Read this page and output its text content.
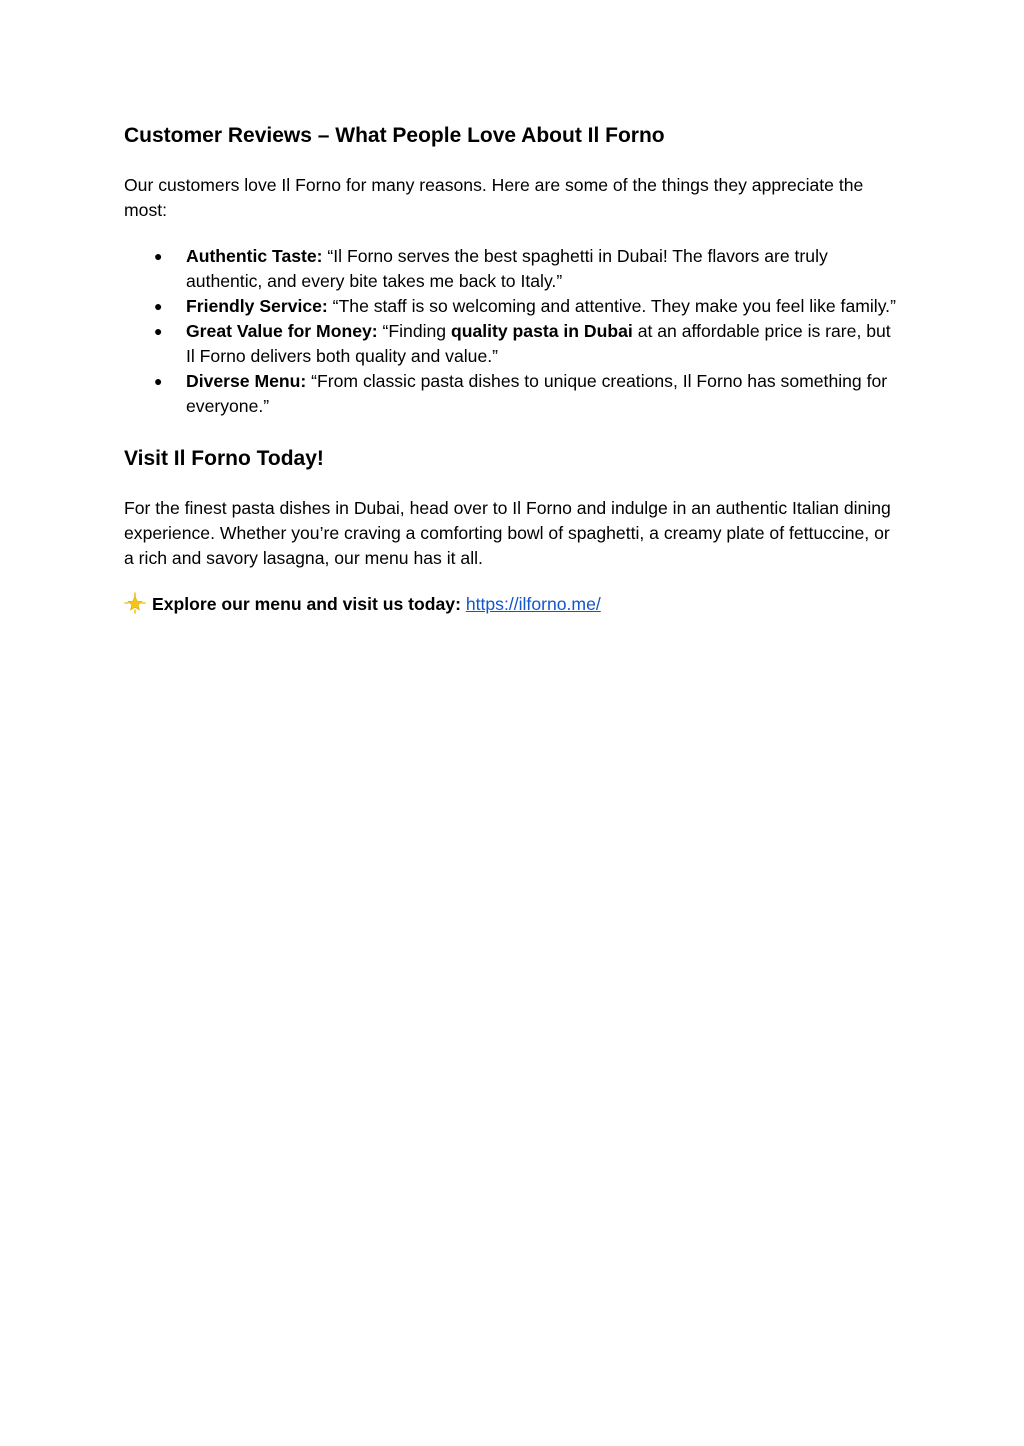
Customer Reviews – What People Love About Il Forno

Our customers love Il Forno for many reasons. Here are some of the things they appreciate the most:

● Authentic Taste: “Il Forno serves the best spaghetti in Dubai! The flavors are truly authentic, and every bite takes me back to Italy.”
● Friendly Service: “The staff is so welcoming and attentive. They make you feel like family.”
● Great Value for Money: “Finding quality pasta in Dubai at an affordable price is rare, but Il Forno delivers both quality and value.”
● Diverse Menu: “From classic pasta dishes to unique creations, Il Forno has something for everyone.”
Visit Il Forno Today!

For the finest pasta dishes in Dubai, head over to Il Forno and indulge in an authentic Italian dining experience. Whether you’re craving a comforting bowl of spaghetti, a creamy plate of fettuccine, or a rich and savory lasagna, our menu has it all.

Explore our menu and visit us today: https://ilforno.me/
